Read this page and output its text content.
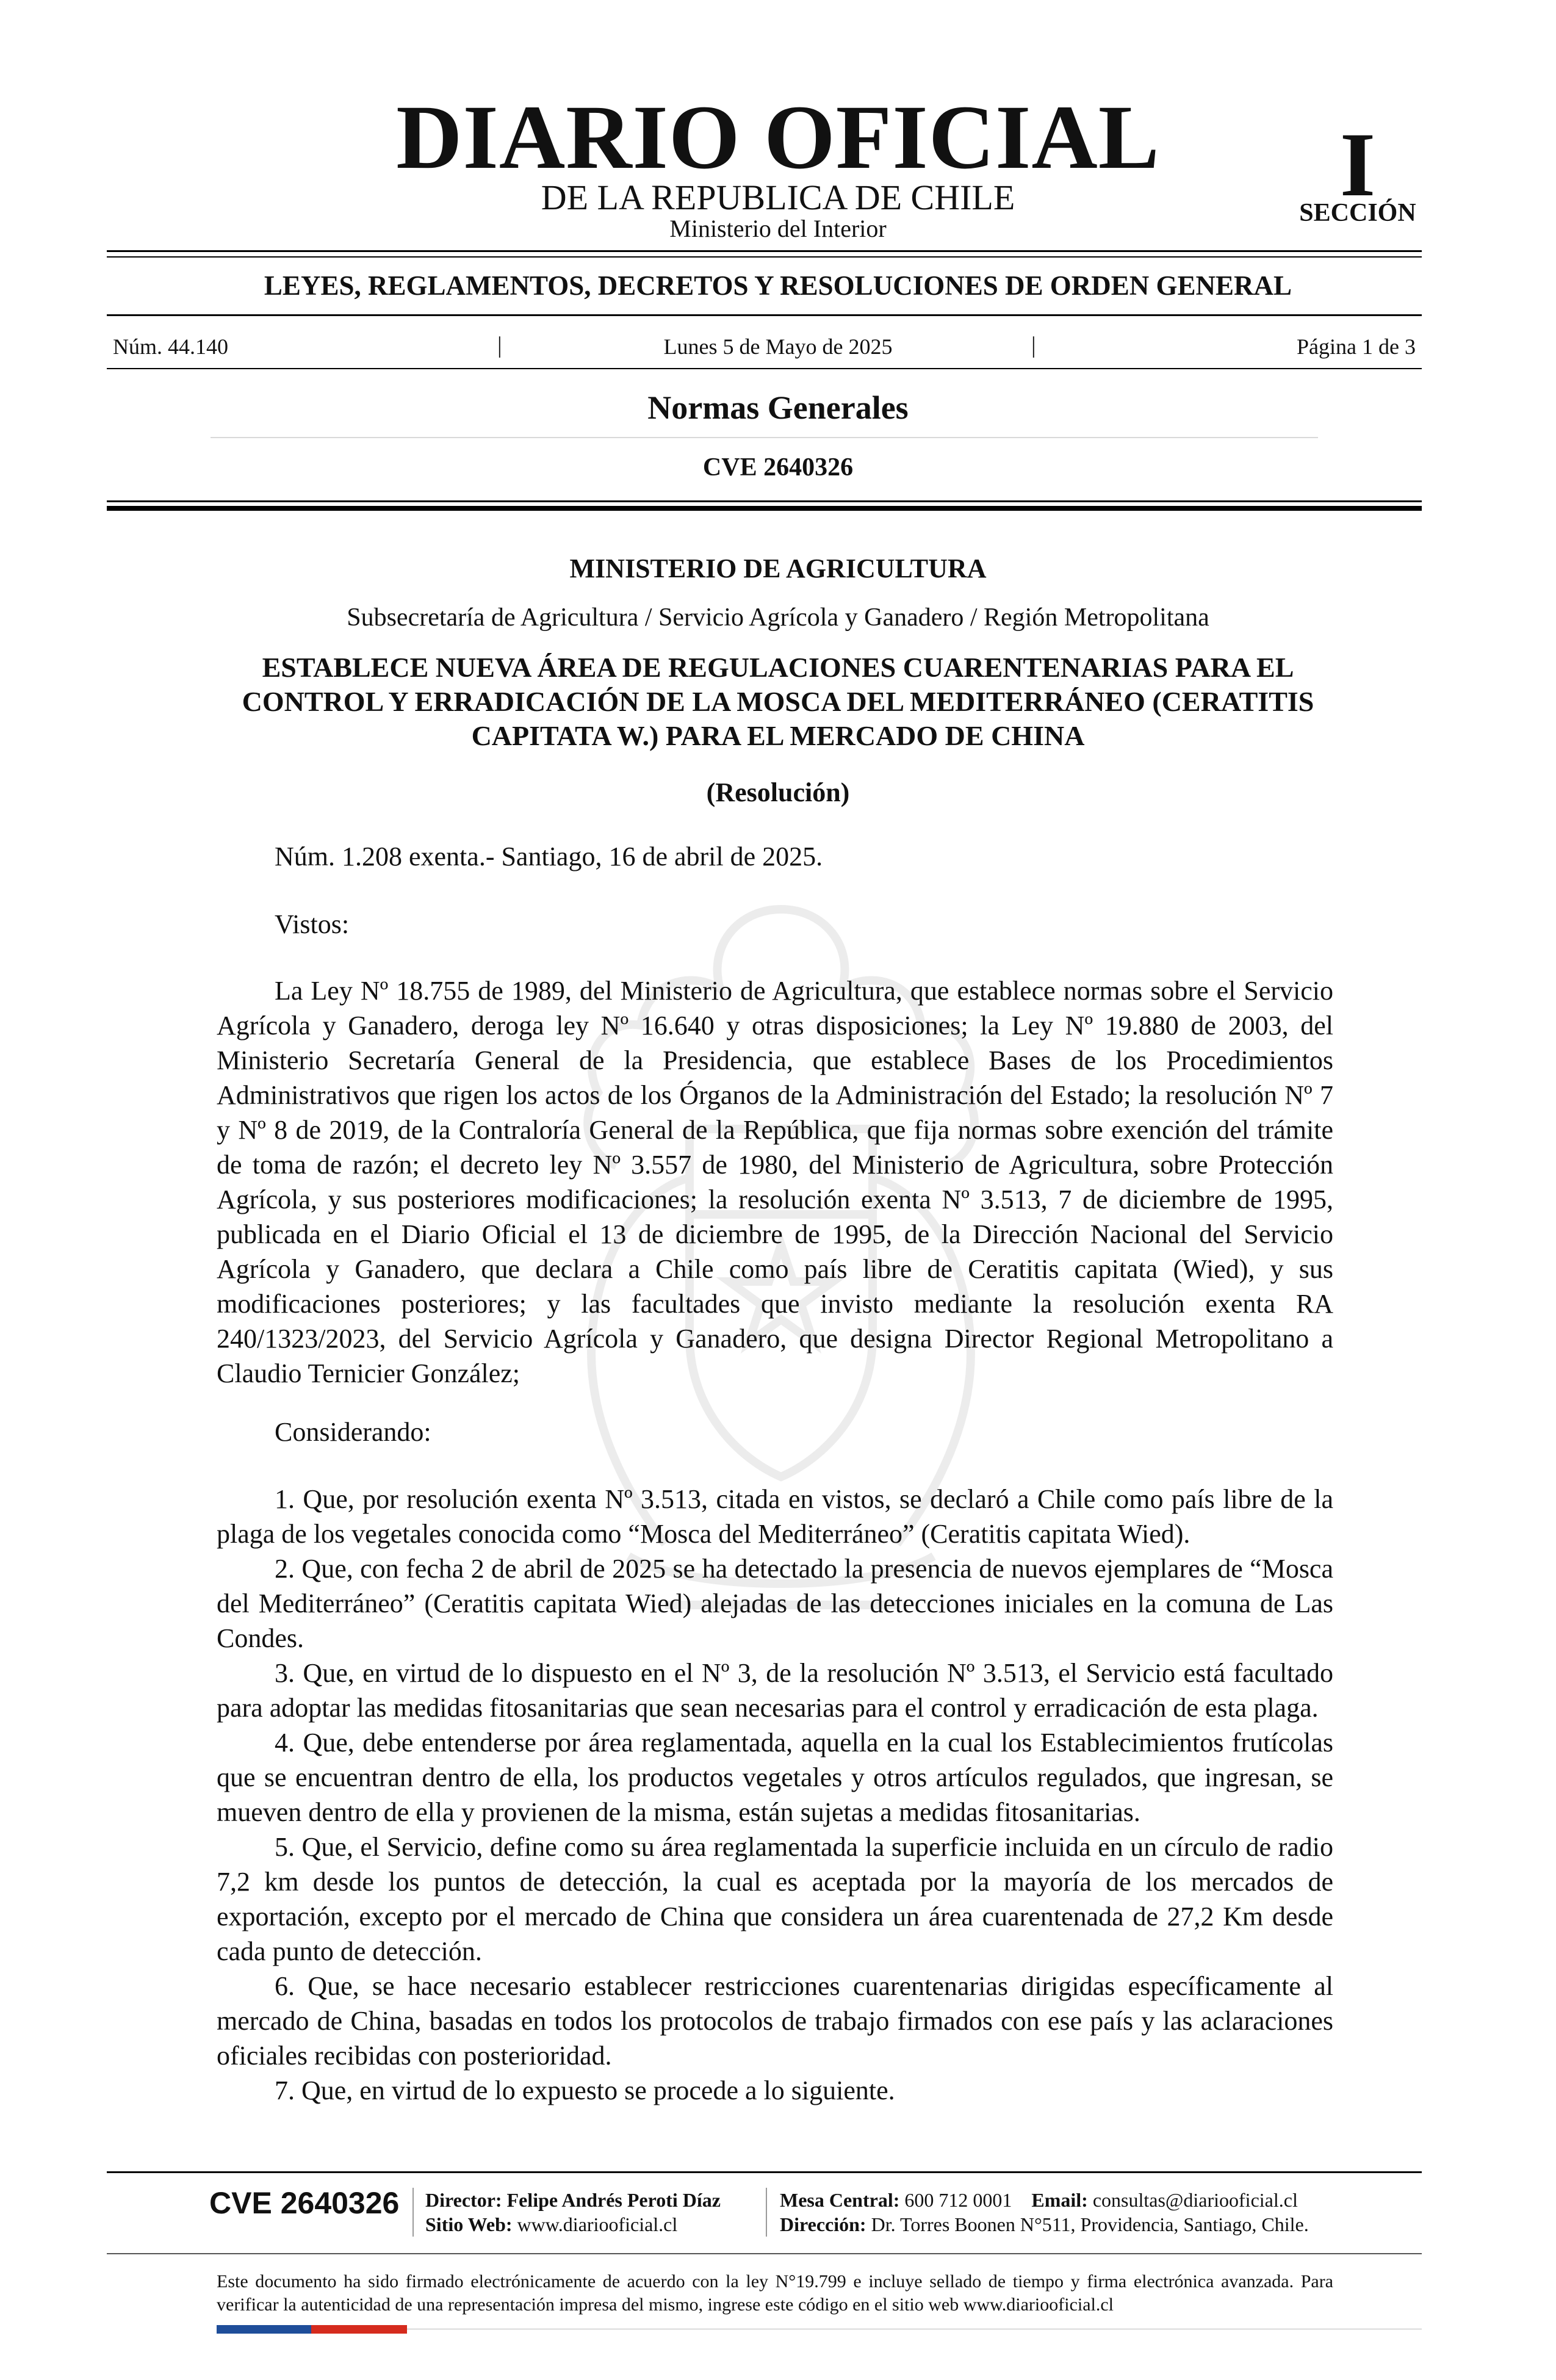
DIARIO OFICIAL
DE LA REPUBLICA DE CHILE
Ministerio del Interior
I
SECCIÓN
LEYES, REGLAMENTOS, DECRETOS Y RESOLUCIONES DE ORDEN GENERAL
Núm. 44.140	|	Lunes 5 de Mayo de 2025	|	Página 1 de 3
Normas Generales
CVE 2640326
MINISTERIO DE AGRICULTURA
Subsecretaría de Agricultura / Servicio Agrícola y Ganadero / Región Metropolitana
ESTABLECE NUEVA ÁREA DE REGULACIONES CUARENTENARIAS PARA EL
CONTROL Y ERRADICACIÓN DE LA MOSCA DEL MEDITERRÁNEO (CERATITIS
CAPITATA W.) PARA EL MERCADO DE CHINA
(Resolución)
Núm. 1.208 exenta.- Santiago, 16 de abril de 2025.
Vistos:
La Ley Nº 18.755 de 1989, del Ministerio de Agricultura, que establece normas sobre el Servicio Agrícola y Ganadero, deroga ley Nº 16.640 y otras disposiciones; la Ley Nº 19.880 de 2003, del Ministerio Secretaría General de la Presidencia, que establece Bases de los Procedimientos Administrativos que rigen los actos de los Órganos de la Administración del Estado; la resolución Nº 7 y Nº 8 de 2019, de la Contraloría General de la República, que fija normas sobre exención del trámite de toma de razón; el decreto ley Nº 3.557 de 1980, del Ministerio de Agricultura, sobre Protección Agrícola, y sus posteriores modificaciones; la resolución exenta Nº 3.513, 7 de diciembre de 1995, publicada en el Diario Oficial el 13 de diciembre de 1995, de la Dirección Nacional del Servicio Agrícola y Ganadero, que declara a Chile como país libre de Ceratitis capitata (Wied), y sus modificaciones posteriores; y las facultades que invisto mediante la resolución exenta RA 240/1323/2023, del Servicio Agrícola y Ganadero, que designa Director Regional Metropolitano a Claudio Ternicier González;
Considerando:
1. Que, por resolución exenta Nº 3.513, citada en vistos, se declaró a Chile como país libre de la plaga de los vegetales conocida como “Mosca del Mediterráneo” (Ceratitis capitata Wied).
2. Que, con fecha 2 de abril de 2025 se ha detectado la presencia de nuevos ejemplares de “Mosca del Mediterráneo” (Ceratitis capitata Wied) alejadas de las detecciones iniciales en la comuna de Las Condes.
3. Que, en virtud de lo dispuesto en el Nº 3, de la resolución Nº 3.513, el Servicio está facultado para adoptar las medidas fitosanitarias que sean necesarias para el control y erradicación de esta plaga.
4. Que, debe entenderse por área reglamentada, aquella en la cual los Establecimientos frutícolas que se encuentran dentro de ella, los productos vegetales y otros artículos regulados, que ingresan, se mueven dentro de ella y provienen de la misma, están sujetas a medidas fitosanitarias.
5. Que, el Servicio, define como su área reglamentada la superficie incluida en un círculo de radio 7,2 km desde los puntos de detección, la cual es aceptada por la mayoría de los mercados de exportación, excepto por el mercado de China que considera un área cuarentenada de 27,2 Km desde cada punto de detección.
6. Que, se hace necesario establecer restricciones cuarentenarias dirigidas específicamente al mercado de China, basadas en todos los protocolos de trabajo firmados con ese país y las aclaraciones oficiales recibidas con posterioridad.
7. Que, en virtud de lo expuesto se procede a lo siguiente.
CVE 2640326 Director: Felipe Andrés Peroti Díaz
Sitio Web: www.diariooficial.cl
Mesa Central: 600 712 0001 Email: consultas@diariooficial.cl
Dirección: Dr. Torres Boonen N°511, Providencia, Santiago, Chile.
Este documento ha sido firmado electrónicamente de acuerdo con la ley N°19.799 e incluye sellado de tiempo y firma electrónica avanzada. Para verificar la autenticidad de una representación impresa del mismo, ingrese este código en el sitio web www.diariooficial.cl
